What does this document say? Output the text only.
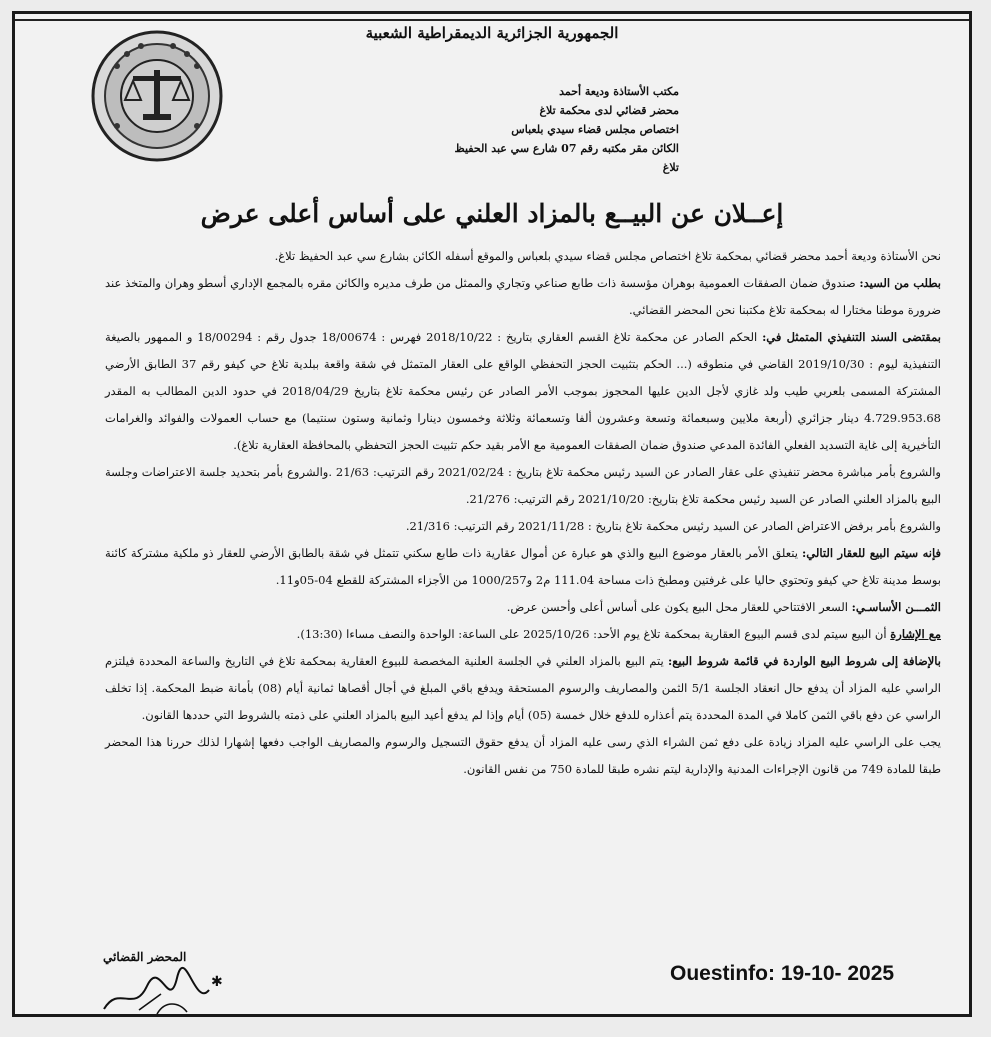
الجمهورية الجزائرية الديمقراطية الشعبية
مكتب الأستاذة وديعة أحمد
محضر قضائي لدى محكمة تلاغ
اختصاص مجلس قضاء سيدي بلعباس
الكائن مقر مكتبه رقم 07 شارع سي عبد الحفيظ تلاغ
إعــلان عن البيــع بالمزاد العلني على أساس أعلى عرض

نحن الأستاذة وديعة أحمد محضر قضائي بمحكمة تلاغ اختصاص مجلس قضاء سيدي بلعباس والموقع أسفله الكائن بشارع سي عبد الحفيظ تلاغ.

بطلب من السيد: صندوق ضمان الصفقات العمومية بوهران مؤسسة ذات طابع صناعي وتجاري والممثل من طرف مديره والكائن مقره بالمجمع الإداري أسطو وهران والمتخذ عند ضرورة موطنا مختارا له بمحكمة تلاغ مكتبنا نحن المحضر القضائي.

بمقتضى السند التنفيذي المتمثل في: الحكم الصادر عن محكمة تلاغ القسم العقاري بتاريخ : 2018/10/22 فهرس : 18/00674 جدول رقم : 18/00294 و الممهور بالصيغة التنفيذية ليوم : 2019/10/30 القاضي في منطوقه (... الحكم بتثبيت الحجز التحفظي الواقع على العقار المتمثل في شقة واقعة ببلدية تلاغ حي كيفو رقم 37 الطابق الأرضي المشتركة المسمى بلعربي طيب ولد غازي لأجل الدين عليها المحجوز بموجب الأمر الصادر عن رئيس محكمة تلاغ بتاريخ 2018/04/29 في حدود الدين المطالب به المقدر 4.729.953.68 دينار جزائري (أربعة ملايين وسبعمائة وتسعة وعشرون ألفا وتسعمائة وثلاثة وخمسون دينارا وثمانية وستون سنتيما) مع حساب العمولات والفوائد والغرامات التأخيرية إلى غاية التسديد الفعلي الفائدة المدعي صندوق ضمان الصفقات العمومية مع الأمر بقيد حكم تثبيت الحجز التحفظي بالمحافظة العقارية تلاغ).

والشروع بأمر مباشرة محضر تنفيذي على عقار الصادر عن السيد رئيس محكمة تلاغ بتاريخ : 2021/02/24 رقم الترتيب: 21/63 .والشروع بأمر بتحديد جلسة الاعتراضات وجلسة البيع بالمزاد العلني الصادر عن السيد رئيس محكمة تلاغ بتاريخ: 2021/10/20 رقم الترتيب: 21/276.

والشروع بأمر برفض الاعتراض الصادر عن السيد رئيس محكمة تلاغ بتاريخ : 2021/11/28 رقم الترتيب: 21/316.

فإنه سيتم البيع للعقار التالي: يتعلق الأمر بالعقار موضوع البيع والذي هو عبارة عن أموال عقارية ذات طابع سكني تتمثل في شقة بالطابق الأرضي للعقار ذو ملكية مشتركة كائنة بوسط مدينة تلاغ حي كيفو وتحتوي حاليا على غرفتين ومطبخ ذات مساحة 111.04 م2 و1000/257 من الأجزاء المشتركة للقطع 04-05و11.

الثمـــن الأساسـي: السعر الافتتاحي للعقار محل البيع يكون على أساس أعلى وأحسن عرض.

مع الإشارة أن البيع سيتم لدى قسم البيوع العقارية بمحكمة تلاغ يوم الأحد: 2025/10/26 على الساعة: الواحدة والنصف مساءا (13:30).

بالإضافة إلى شروط البيع الواردة في قائمة شروط البيع: يتم البيع بالمزاد العلني في الجلسة العلنية المخصصة للبيوع العقارية بمحكمة تلاغ في التاريخ والساعة المحددة فيلتزم الراسي عليه المزاد أن يدفع حال انعقاد الجلسة 5/1 الثمن والمصاريف والرسوم المستحقة ويدفع باقي المبلغ في أجال أقصاها ثمانية أيام (08) بأمانة ضبط المحكمة. إذا تخلف الراسي عن دفع باقي الثمن كاملا في المدة المحددة يتم أعذاره للدفع خلال خمسة (05) أيام وإذا لم يدفع أعيد البيع بالمزاد العلني على ذمته بالشروط التي حددها القانون.

يجب على الراسي عليه المزاد زيادة على دفع ثمن الشراء الذي رسى عليه المزاد أن يدفع حقوق التسجيل والرسوم والمصاريف الواجب دفعها إشهارا لذلك حررنا هذا المحضر طبقا للمادة 749 من قانون الإجراءات المدنية والإدارية ليتم نشره طبقا للمادة 750 من نفس القانون.

المحضر القضائي
✱	Ouestinfo: 19-10- 2025
